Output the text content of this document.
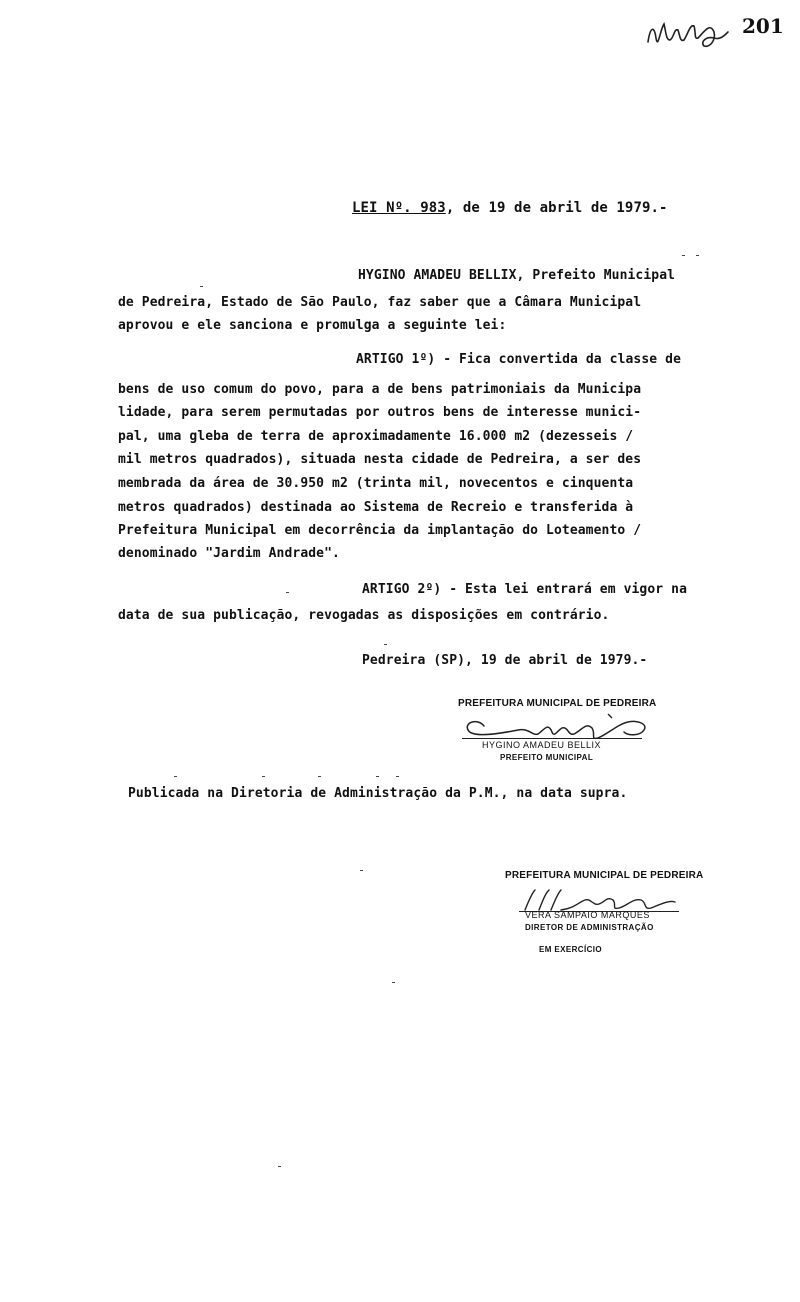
201
LEI Nº. 983, de 19 de abril de 1979.-
HYGINO AMADEU BELLIX, Prefeito Municipal
de Pedreira, Estado de São Paulo, faz saber que a Câmara Municipal
aprovou e ele sanciona e promulga a seguinte lei:
ARTIGO 1º) - Fica convertida da classe de
bens de uso comum do povo, para a de bens patrimoniais da Municipa
lidade, para serem permutadas por outros bens de interesse munici-
pal, uma gleba de terra de aproximadamente 16.000 m2 (dezesseis /
mil metros quadrados), situada nesta cidade de Pedreira, a ser des
membrada da área de 30.950 m2 (trinta mil, novecentos e cinquenta
metros quadrados) destinada ao Sistema de Recreio e transferida à
Prefeitura Municipal em decorrência da implantação do Loteamento /
denominado "Jardim Andrade".
ARTIGO 2º) - Esta lei entrará em vigor na
data de sua publicação, revogadas as disposições em contrário.
Pedreira (SP), 19 de abril de 1979.-
PREFEITURA MUNICIPAL DE PEDREIRA
HYGINO AMADEU BELLIX
PREFEITO MUNICIPAL
Publicada na Diretoria de Administração da P.M., na data supra.
PREFEITURA MUNICIPAL DE PEDREIRA
VERA SAMPAIO MARQUES
DIRETOR DE ADMINISTRAÇÃO
EM EXERCÍCIO
